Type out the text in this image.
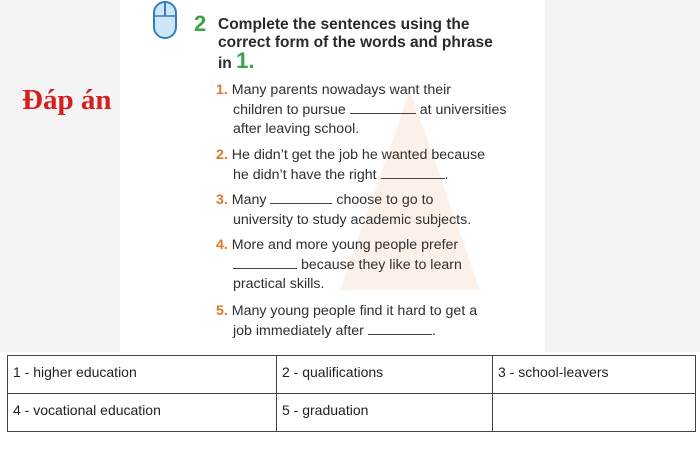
2 Complete the sentences using the
correct form of the words and phrase
in 1.
Đáp án	1. Many parents nowadays want their
children to pursue	at universities
after leaving school.
2. He didn’t get the job he wanted because
he didn’t have the right	.
3. Many	choose to go to
university to study academic subjects.
4. More and more young people prefer
because they like to learn
practical skills.
5. Many young people find it hard to get a
job immediately after	.
1 - higher education	2 - qualifications	3 - school-leavers
4 - vocational education	5 - graduation	
